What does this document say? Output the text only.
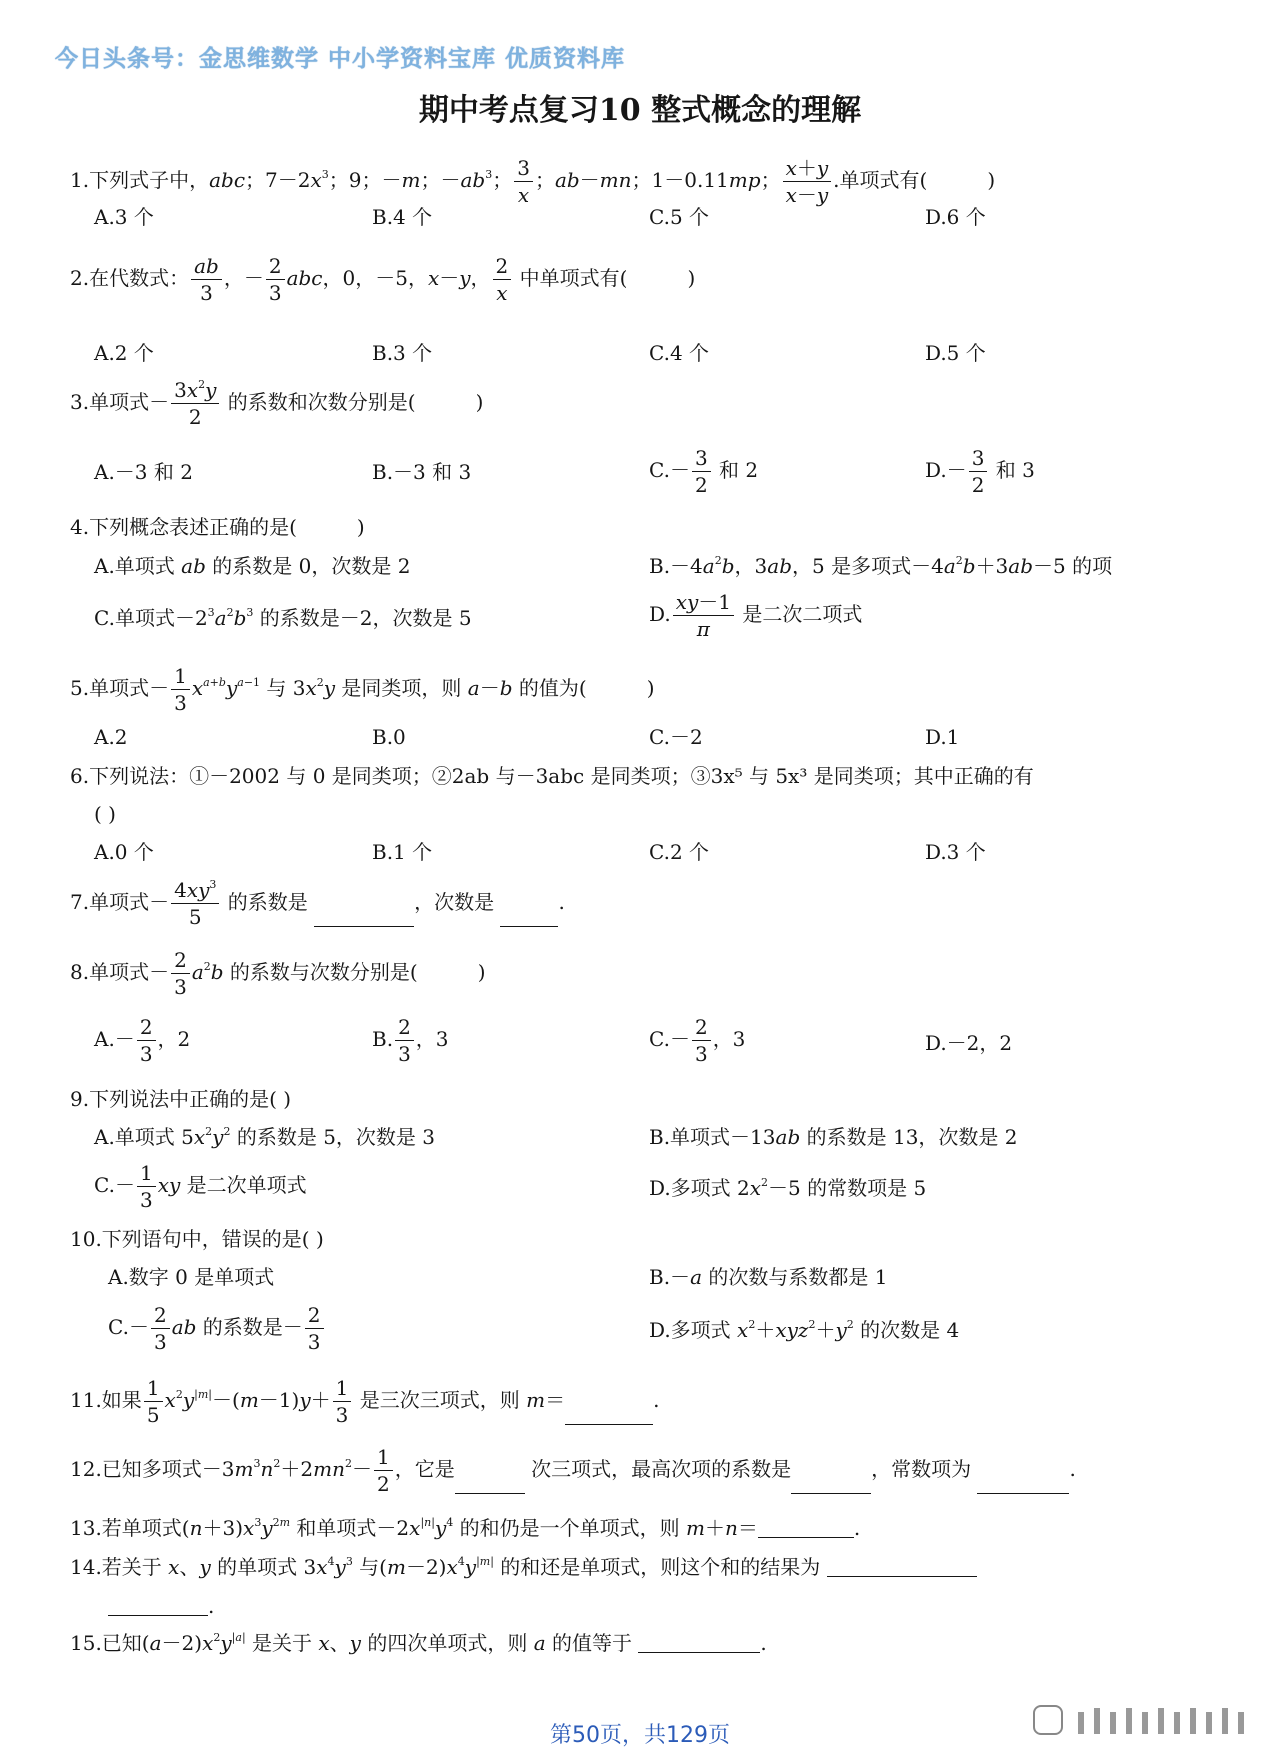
今日头条号：金思维数学 中小学资料宝库 优质资料库
期中考点复习10 整式概念的理解
1.下列式子中，abc；$7-2x^3$；9；－m；$-ab^3$； $\frac{3}{x}$ ；ab－mn；1－0.11mp； $\frac{x+y}{x-y}$ .单项式有(　　　)
A.3 个	B.4 个	C.5 个	D.6 个
2.在代数式： $\frac{ab}{3}$ ，－ $\frac{2}{3}$ abc，0，－5，x－y， $\frac{2}{x}$ 中单项式有(　　　)
A.2 个	B.3 个	C.4 个	D.5 个
3.单项式－ $\frac{3x^2y}{2}$ 的系数和次数分别是(　　　)
A.－3 和 2	B.－3 和 3	$C.- \frac{3}{2}$ 和 2	$D.- \frac{3}{2}$ 和 3
4.下列概念表述正确的是(　　　)
A.单项式 ab 的系数是 0，次数是 2	$B.-4a^2b$，3ab，5 是多项式$-4a^2b+3ab-5$ 的项
C.单项式$-2^3a^2b^3$ 的系数是－2，次数是 5	D. $\frac{xy-1}{\pi}$ 是二次二项式
5.单项式－ $\frac{1}{3} x^{a+b}y^{a-1}$ 与 $3x^2y$ 是同类项，则 a－b 的值为(　　　)
A.2	B.0	C.－2	D.1
6.下列说法：①－2002 与 0 是同类项；②2ab 与－3abc 是同类项；③3x⁵ 与 5x³ 是同类项；其中正确的有
( )
A.0 个	B.1 个	C.2 个	D.3 个
7.单项式－ $\frac{4xy^3}{5}$ 的系数是	，次数是	.
8.单项式－ $\frac{2}{3} a^2b$ 的系数与次数分别是(　　　)
$A.- \frac{2}{3}$ ，2	B. $\frac{2}{3}$ ，3	$C.- \frac{2}{3}$ ，3	D.－2，2
9.下列说法中正确的是( )
A.单项式 $5x^2y^2$ 的系数是 5，次数是 3	B.单项式－13ab 的系数是 13，次数是 2
$C.- \frac{1}{3}$ xy 是二次单项式	D.多项式 $2x^2-5$ 的常数项是 5
10.下列语句中，错误的是( )
A.数字 0 是单项式	B.－a 的次数与系数都是 1
$C.- \frac{2}{3}$ ab 的系数是－ $\frac{2}{3}$	D.多项式 $x^2+xyz^2+y^2$ 的次数是 4
11.如果 $\frac{1}{5} x^2y^{|m|}-(m-1)y+ \frac{1}{3}$ 是三次三项式，则 m＝	.
12.已知多项式$-3m^3n^2+2mn^2- \frac{1}{2}$ ，它是	次三项式，最高次项的系数是	，常数项为	.
13.若单项式$(n+3)x^3y^{2m}$ 和单项式$-2x^{|n|}y^4$ 的和仍是一个单项式，则 m＋n＝	.
14.若关于 x、y 的单项式 $3x^4y^3$ 与$(m-2)x^4y^{|m|}$ 的和还是单项式，则这个和的结果为
.
15.已知$(a-2)x^2y^{|a|}$ 是关于 x、y 的四次单项式，则 a 的值等于	.
第50页，共129页
